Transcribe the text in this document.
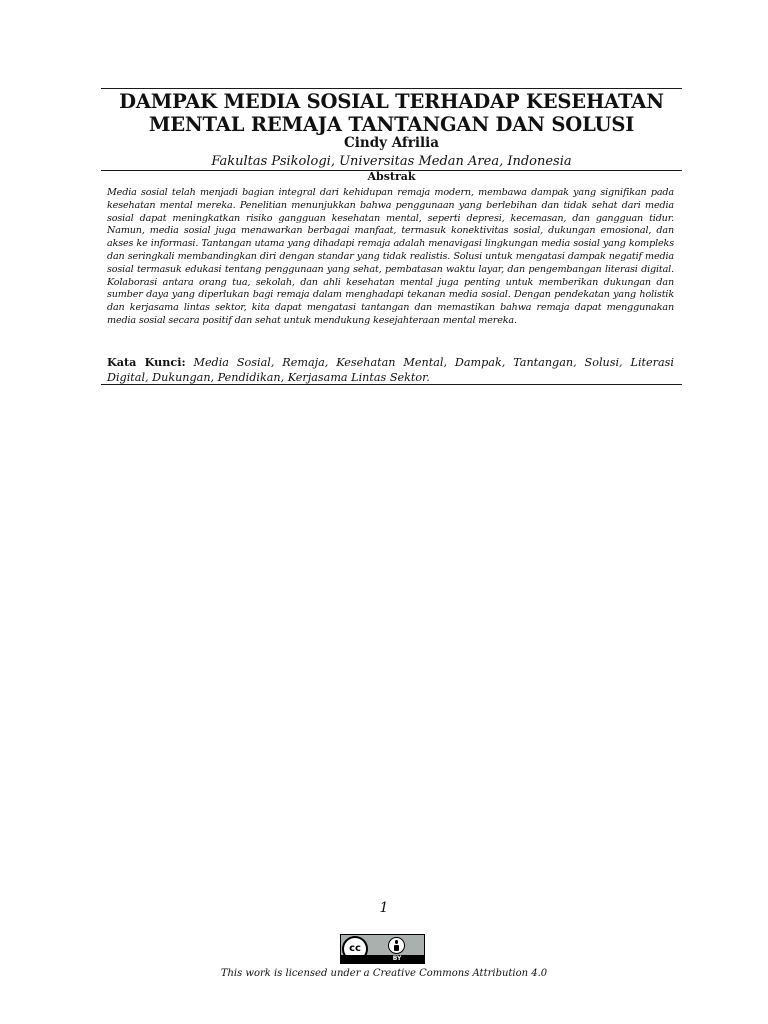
DAMPAK MEDIA SOSIAL TERHADAP KESEHATAN MENTAL REMAJA TANTANGAN DAN SOLUSI
Cindy Afrilia
Fakultas Psikologi, Universitas Medan Area, Indonesia
Abstrak

Media sosial telah menjadi bagian integral dari kehidupan remaja modern, membawa dampak yang signifikan pada kesehatan mental mereka. Penelitian menunjukkan bahwa penggunaan yang berlebihan dan tidak sehat dari media sosial dapat meningkatkan risiko gangguan kesehatan mental, seperti depresi, kecemasan, dan gangguan tidur. Namun, media sosial juga menawarkan berbagai manfaat, termasuk konektivitas sosial, dukungan emosional, dan akses ke informasi. Tantangan utama yang dihadapi remaja adalah menavigasi lingkungan media sosial yang kompleks dan seringkali membandingkan diri dengan standar yang tidak realistis. Solusi untuk mengatasi dampak negatif media sosial termasuk edukasi tentang penggunaan yang sehat, pembatasan waktu layar, dan pengembangan literasi digital. Kolaborasi antara orang tua, sekolah, dan ahli kesehatan mental juga penting untuk memberikan dukungan dan sumber daya yang diperlukan bagi remaja dalam menghadapi tekanan media sosial. Dengan pendekatan yang holistik dan kerjasama lintas sektor, kita dapat mengatasi tantangan dan memastikan bahwa remaja dapat menggunakan media sosial secara positif dan sehat untuk mendukung kesejahteraan mental mereka.

Kata Kunci: Media Sosial, Remaja, Kesehatan Mental, Dampak, Tantangan, Solusi, Literasi Digital, Dukungan, Pendidikan, Kerjasama Lintas Sektor.

1
cc
BY
This work is licensed under a Creative Commons Attribution 4.0
